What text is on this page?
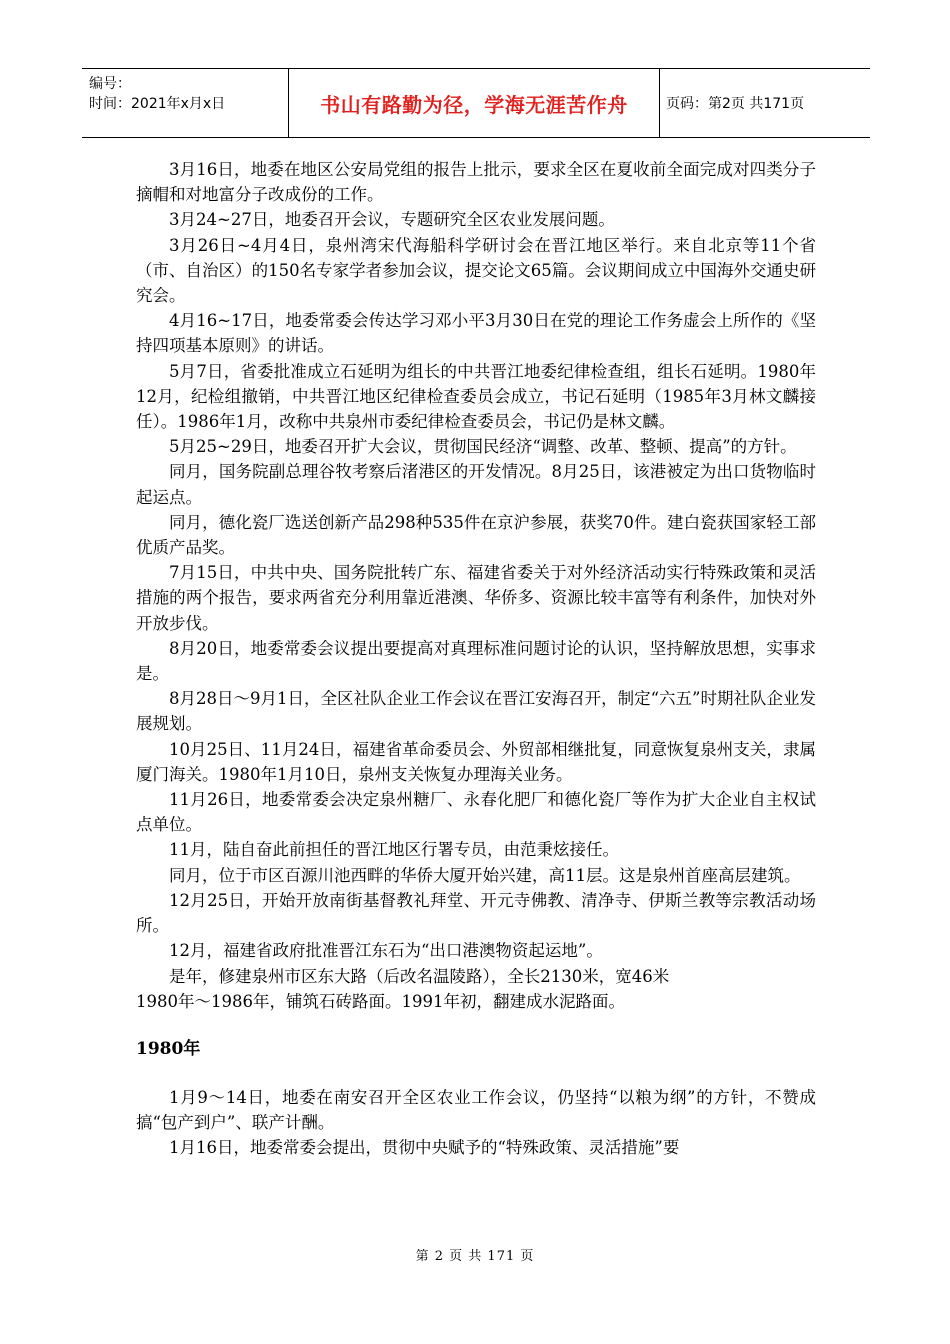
编号：
时间：2021年x月x日	书山有路勤为径，学海无涯苦作舟	页码：第2页 共171页

3月16日，地委在地区公安局党组的报告上批示，要求全区在夏收前全面完成对四类分子摘帽和对地富分子改成份的工作。

3月24~27日，地委召开会议，专题研究全区农业发展问题。

3月26日~4月4日，泉州湾宋代海船科学研讨会在晋江地区举行。来自北京等11个省（市、自治区）的150名专家学者参加会议，提交论文65篇。会议期间成立中国海外交通史研究会。

4月16~17日，地委常委会传达学习邓小平3月30日在党的理论工作务虚会上所作的《坚持四项基本原则》的讲话。

5月7日，省委批准成立石延明为组长的中共晋江地委纪律检查组，组长石延明。1980年12月，纪检组撤销，中共晋江地区纪律检查委员会成立，书记石延明（1985年3月林文麟接任）。1986年1月，改称中共泉州市委纪律检查委员会，书记仍是林文麟。

5月25~29日，地委召开扩大会议，贯彻国民经济“调整、改革、整顿、提高”的方针。

同月，国务院副总理谷牧考察后渚港区的开发情况。8月25日，该港被定为出口货物临时起运点。

同月，德化瓷厂选送创新产品298种535件在京沪参展，获奖70件。建白瓷获国家轻工部优质产品奖。

7月15日，中共中央、国务院批转广东、福建省委关于对外经济活动实行特殊政策和灵活措施的两个报告，要求两省充分利用靠近港澳、华侨多、资源比较丰富等有利条件，加快对外开放步伐。

8月20日，地委常委会议提出要提高对真理标准问题讨论的认识，坚持解放思想，实事求是。

8月28日～9月1日，全区社队企业工作会议在晋江安海召开，制定“六五”时期社队企业发展规划。

10月25日、11月24日，福建省革命委员会、外贸部相继批复，同意恢复泉州支关，隶属厦门海关。1980年1月10日，泉州支关恢复办理海关业务。

11月26日，地委常委会决定泉州糖厂、永春化肥厂和德化瓷厂等作为扩大企业自主权试点单位。

11月，陆自奋此前担任的晋江地区行署专员，由范秉炫接任。

同月，位于市区百源川池西畔的华侨大厦开始兴建，高11层。这是泉州首座高层建筑。

12月25日，开始开放南街基督教礼拜堂、开元寺佛教、清净寺、伊斯兰教等宗教活动场所。

12月，福建省政府批准晋江东石为“出口港澳物资起运地”。

是年，修建泉州市区东大路（后改名温陵路），全长2130米，宽46米

1980年～1986年，铺筑石砖路面。1991年初，翻建成水泥路面。

1980年

1月9～14日，地委在南安召开全区农业工作会议，仍坚持“以粮为纲”的方针，不赞成搞“包产到户”、联产计酬。

1月16日，地委常委会提出，贯彻中央赋予的“特殊政策、灵活措施”要

第 2 页 共 171 页
